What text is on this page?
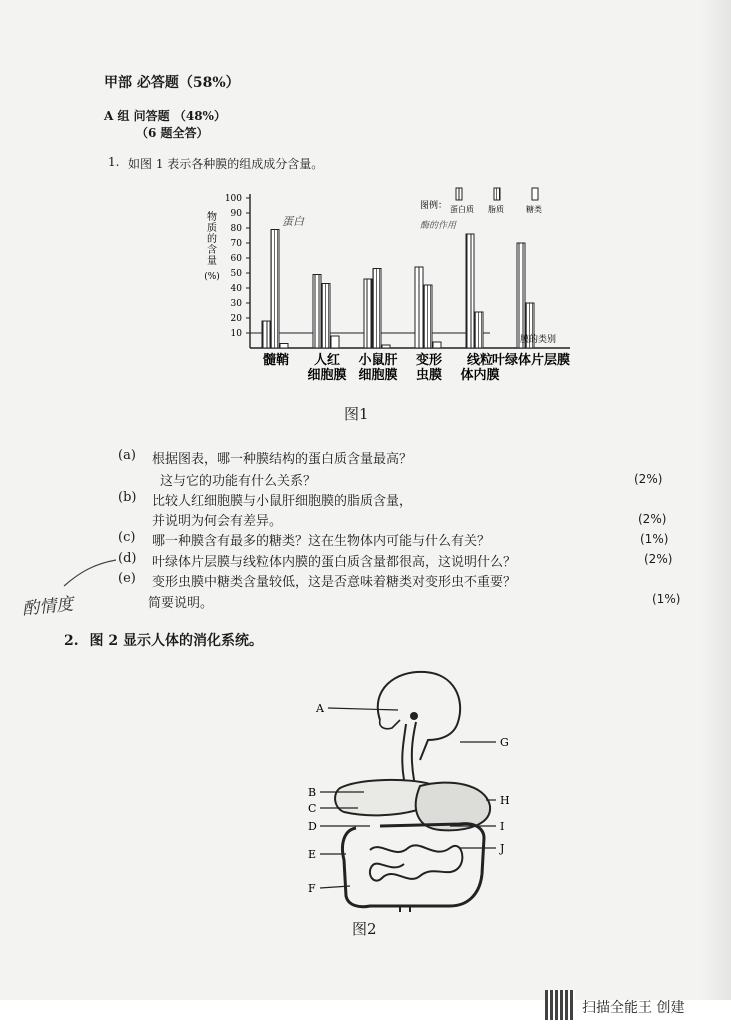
甲部 必答题（58%）
A 组 问答题 （48%）
（6 题全答）
1. 如图 1 表示各种膜的组成成分含量。
10
20
30
40
50
60
70
80
90
100
物
质
的
含
量
(%)
髓鞘 人红
细胞膜
小鼠肝
细胞膜
变形
虫膜
线粒
体内膜
叶绿体片层膜
膜的类别
图例： 蛋白质 脂质	糖类
蛋白	酶的作用
图1
(a) 根据图表，哪一种膜结构的蛋白质含量最高？
这与它的功能有什么关系？	(2%)
(b) 比较人红细胞膜与小鼠肝细胞膜的脂质含量，
并说明为何会有差异。	(2%)
(c) 哪一种膜含有最多的糖类？这在生物体内可能与什么有关？	(1%)
(d) 叶绿体片层膜与线粒体内膜的蛋白质含量都很高，这说明什么？	(2%)
(e) 变形虫膜中糖类含量较低，这是否意味着糖类对变形虫不重要？
简要说明。	(1%)
酌情度
2. 图 2 显示人体的消化系统。
A
B
C
D
E
F
G
H
I
J
图2
扫描全能王 创建
